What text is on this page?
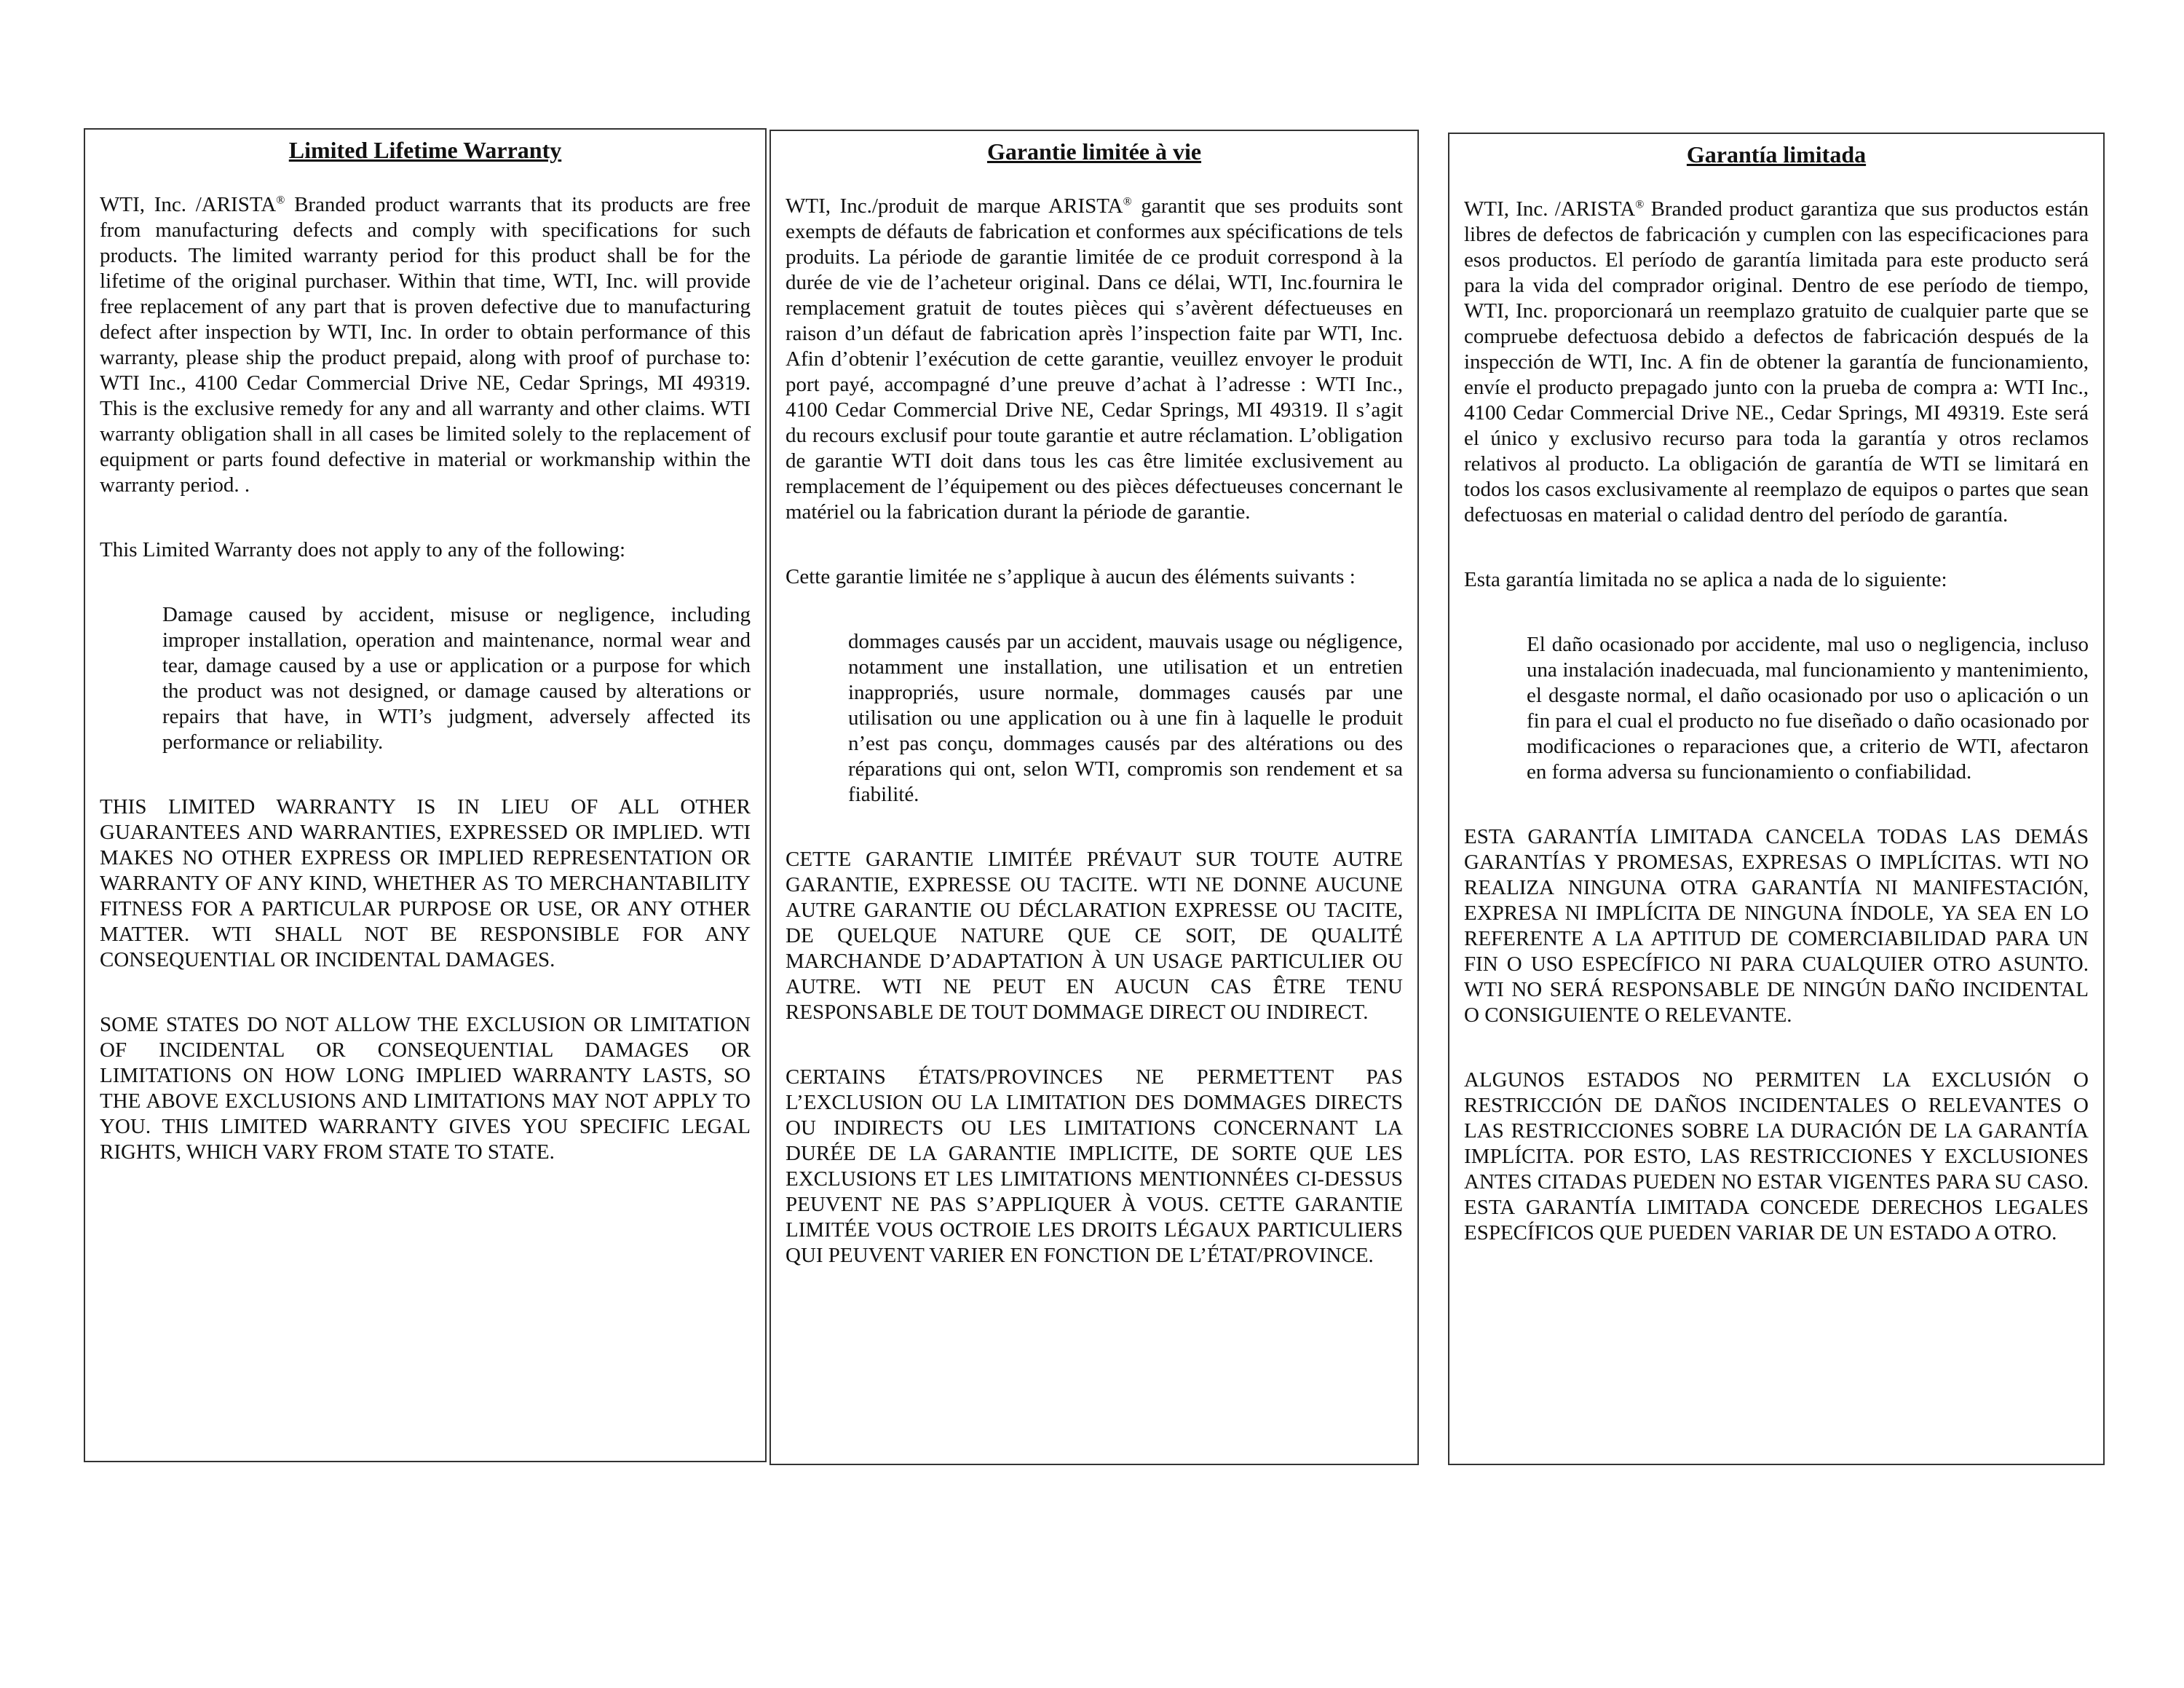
Limited Lifetime Warranty

WTI, Inc. /ARISTA® Branded product warrants that its products are free from manufacturing defects and comply with specifications for such products. The limited warranty period for this product shall be for the lifetime of the original purchaser. Within that time, WTI, Inc. will provide free replacement of any part that is proven defective due to manufacturing defect after inspection by WTI, Inc. In order to obtain performance of this warranty, please ship the product prepaid, along with proof of purchase to: WTI Inc., 4100 Cedar Commercial Drive NE, Cedar Springs, MI 49319. This is the exclusive remedy for any and all warranty and other claims. WTI warranty obligation shall in all cases be limited solely to the replacement of equipment or parts found defective in material or workmanship within the warranty period. .

This Limited Warranty does not apply to any of the following:

Damage caused by accident, misuse or negligence, including improper installation, operation and maintenance, normal wear and tear, damage caused by a use or application or a purpose for which the product was not designed, or damage caused by alterations or repairs that have, in WTI’s judgment, adversely affected its performance or reliability.

THIS LIMITED WARRANTY IS IN LIEU OF ALL OTHER GUARANTEES AND WARRANTIES, EXPRESSED OR IMPLIED. WTI MAKES NO OTHER EXPRESS OR IMPLIED REPRESENTATION OR WARRANTY OF ANY KIND, WHETHER AS TO MERCHANTABILITY FITNESS FOR A PARTICULAR PURPOSE OR USE, OR ANY OTHER MATTER. WTI SHALL NOT BE RESPONSIBLE FOR ANY CONSEQUENTIAL OR INCIDENTAL DAMAGES.

SOME STATES DO NOT ALLOW THE EXCLUSION OR LIMITATION OF INCIDENTAL OR CONSEQUENTIAL DAMAGES OR LIMITATIONS ON HOW LONG IMPLIED WARRANTY LASTS, SO THE ABOVE EXCLUSIONS AND LIMITATIONS MAY NOT APPLY TO YOU. THIS LIMITED WARRANTY GIVES YOU SPECIFIC LEGAL RIGHTS, WHICH VARY FROM STATE TO STATE.

Garantie limitée à vie

WTI, Inc./produit de marque ARISTA® garantit que ses produits sont exempts de défauts de fabrication et conformes aux spécifications de tels produits. La période de garantie limitée de ce produit correspond à la durée de vie de l’acheteur original. Dans ce délai, WTI, Inc.fournira le remplacement gratuit de toutes pièces qui s’avèrent défectueuses en raison d’un défaut de fabrication après l’inspection faite par WTI, Inc. Afin d’obtenir l’exécution de cette garantie, veuillez envoyer le produit port payé, accompagné d’une preuve d’achat à l’adresse : WTI Inc., 4100 Cedar Commercial Drive NE, Cedar Springs, MI 49319. Il s’agit du recours exclusif pour toute garantie et autre réclamation. L’obligation de garantie WTI doit dans tous les cas être limitée exclusivement au remplacement de l’équipement ou des pièces défectueuses concernant le matériel ou la fabrication durant la période de garantie.

Cette garantie limitée ne s’applique à aucun des éléments suivants :

dommages causés par un accident, mauvais usage ou négligence, notamment une installation, une utilisation et un entretien inappropriés, usure normale, dommages causés par une utilisation ou une application ou à une fin à laquelle le produit n’est pas conçu, dommages causés par des altérations ou des réparations qui ont, selon WTI, compromis son rendement et sa fiabilité.

CETTE GARANTIE LIMITÉE PRÉVAUT SUR TOUTE AUTRE GARANTIE, EXPRESSE OU TACITE. WTI NE DONNE AUCUNE AUTRE GARANTIE OU DÉCLARATION EXPRESSE OU TACITE, DE QUELQUE NATURE QUE CE SOIT, DE QUALITÉ MARCHANDE D’ADAPTATION À UN USAGE PARTICULIER OU AUTRE. WTI NE PEUT EN AUCUN CAS ÊTRE TENU RESPONSABLE DE TOUT DOMMAGE DIRECT OU INDIRECT.

CERTAINS ÉTATS/PROVINCES NE PERMETTENT PAS L’EXCLUSION OU LA LIMITATION DES DOMMAGES DIRECTS OU INDIRECTS OU LES LIMITATIONS CONCERNANT LA DURÉE DE LA GARANTIE IMPLICITE, DE SORTE QUE LES EXCLUSIONS ET LES LIMITATIONS MENTIONNÉES CI-DESSUS PEUVENT NE PAS S’APPLIQUER À VOUS. CETTE GARANTIE LIMITÉE VOUS OCTROIE LES DROITS LÉGAUX PARTICULIERS QUI PEUVENT VARIER EN FONCTION DE L’ÉTAT/PROVINCE.

Garantía limitada

WTI, Inc. /ARISTA® Branded product garantiza que sus productos están libres de defectos de fabricación y cumplen con las especificaciones para esos productos. El período de garantía limitada para este producto será para la vida del comprador original. Dentro de ese período de tiempo, WTI, Inc. proporcionará un reemplazo gratuito de cualquier parte que se compruebe defectuosa debido a defectos de fabricación después de la inspección de WTI, Inc. A fin de obtener la garantía de funcionamiento, envíe el producto prepagado junto con la prueba de compra a: WTI Inc., 4100 Cedar Commercial Drive NE., Cedar Springs, MI 49319. Este será el único y exclusivo recurso para toda la garantía y otros reclamos relativos al producto. La obligación de garantía de WTI se limitará en todos los casos exclusivamente al reemplazo de equipos o partes que sean defectuosas en material o calidad dentro del período de garantía.

Esta garantía limitada no se aplica a nada de lo siguiente:

El daño ocasionado por accidente, mal uso o negligencia, incluso una instalación inadecuada, mal funcionamiento y mantenimiento, el desgaste normal, el daño ocasionado por uso o aplicación o un fin para el cual el producto no fue diseñado o daño ocasionado por modificaciones o reparaciones que, a criterio de WTI, afectaron en forma adversa su funcionamiento o confiabilidad.

ESTA GARANTÍA LIMITADA CANCELA TODAS LAS DEMÁS GARANTÍAS Y PROMESAS, EXPRESAS O IMPLÍCITAS. WTI NO REALIZA NINGUNA OTRA GARANTÍA NI MANIFESTACIÓN, EXPRESA NI IMPLÍCITA DE NINGUNA ÍNDOLE, YA SEA EN LO REFERENTE A LA APTITUD DE COMERCIABILIDAD PARA UN FIN O USO ESPECÍFICO NI PARA CUALQUIER OTRO ASUNTO. WTI NO SERÁ RESPONSABLE DE NINGÚN DAÑO INCIDENTAL O CONSIGUIENTE O RELEVANTE.

ALGUNOS ESTADOS NO PERMITEN LA EXCLUSIÓN O RESTRICCIÓN DE DAÑOS INCIDENTALES O RELEVANTES O LAS RESTRICCIONES SOBRE LA DURACIÓN DE LA GARANTÍA IMPLÍCITA. POR ESTO, LAS RESTRICCIONES Y EXCLUSIONES ANTES CITADAS PUEDEN NO ESTAR VIGENTES PARA SU CASO. ESTA GARANTÍA LIMITADA CONCEDE DERECHOS LEGALES ESPECÍFICOS QUE PUEDEN VARIAR DE UN ESTADO A OTRO.
